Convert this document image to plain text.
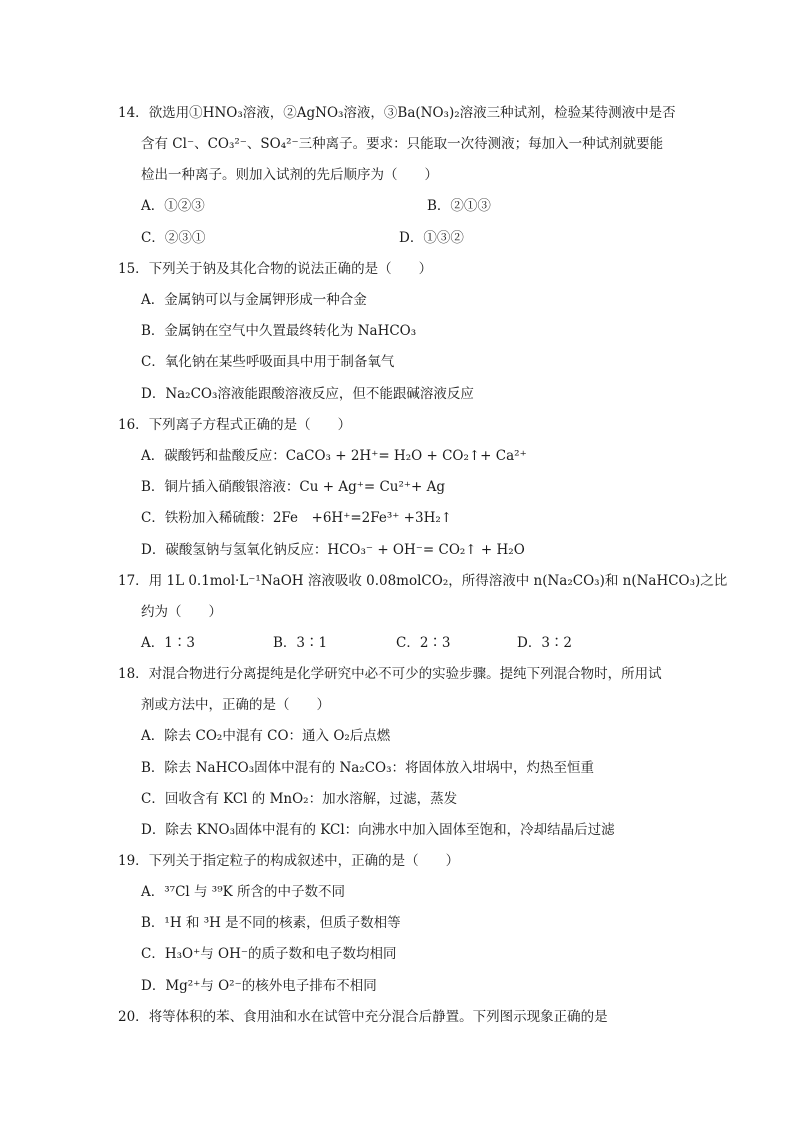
14．欲选用①HNO₃溶液，②AgNO₃溶液，③Ba(NO₃)₂溶液三种试剂，检验某待测液中是否
含有 Cl⁻、CO₃²⁻、SO₄²⁻三种离子。要求：只能取一次待测液；每加入一种试剂就要能
检出一种离子。则加入试剂的先后顺序为（　　）
A．①②③	B．②①③
C．②③①	D．①③②
15．下列关于钠及其化合物的说法正确的是（　　）
A．金属钠可以与金属钾形成一种合金
B．金属钠在空气中久置最终转化为 NaHCO₃
C．氧化钠在某些呼吸面具中用于制备氧气
D．Na₂CO₃溶液能跟酸溶液反应，但不能跟碱溶液反应
16．下列离子方程式正确的是（　　）
A．碳酸钙和盐酸反应：CaCO₃ + 2H⁺= H₂O + CO₂↑+ Ca²⁺
B．铜片插入硝酸银溶液：Cu + Ag⁺= Cu²⁺+ Ag
C．铁粉加入稀硫酸：2Fe　+6H⁺=2Fe³⁺ +3H₂↑
D．碳酸氢钠与氢氧化钠反应：HCO₃⁻ + OH⁻= CO₂↑ + H₂O
17．用 1L 0.1mol·L⁻¹NaOH 溶液吸收 0.08molCO₂，所得溶液中 n(Na₂CO₃)和 n(NaHCO₃)之比
约为（　　）
A．1∶3	B．3∶1	C．2∶3	D．3∶2
18．对混合物进行分离提纯是化学研究中必不可少的实验步骤。提纯下列混合物时，所用试
剂或方法中，正确的是（　　）
A．除去 CO₂中混有 CO：通入 O₂后点燃
B．除去 NaHCO₃固体中混有的 Na₂CO₃：将固体放入坩埚中，灼热至恒重
C．回收含有 KCl 的 MnO₂：加水溶解，过滤，蒸发
D．除去 KNO₃固体中混有的 KCl：向沸水中加入固体至饱和，冷却结晶后过滤
19．下列关于指定粒子的构成叙述中，正确的是（　　）
A．³⁷Cl 与 ³⁹K 所含的中子数不同
B．¹H 和 ³H 是不同的核素，但质子数相等
C．H₃O⁺与 OH⁻的质子数和电子数均相同
D．Mg²⁺与 O²⁻的核外电子排布不相同
20．将等体积的苯、食用油和水在试管中充分混合后静置。下列图示现象正确的是
